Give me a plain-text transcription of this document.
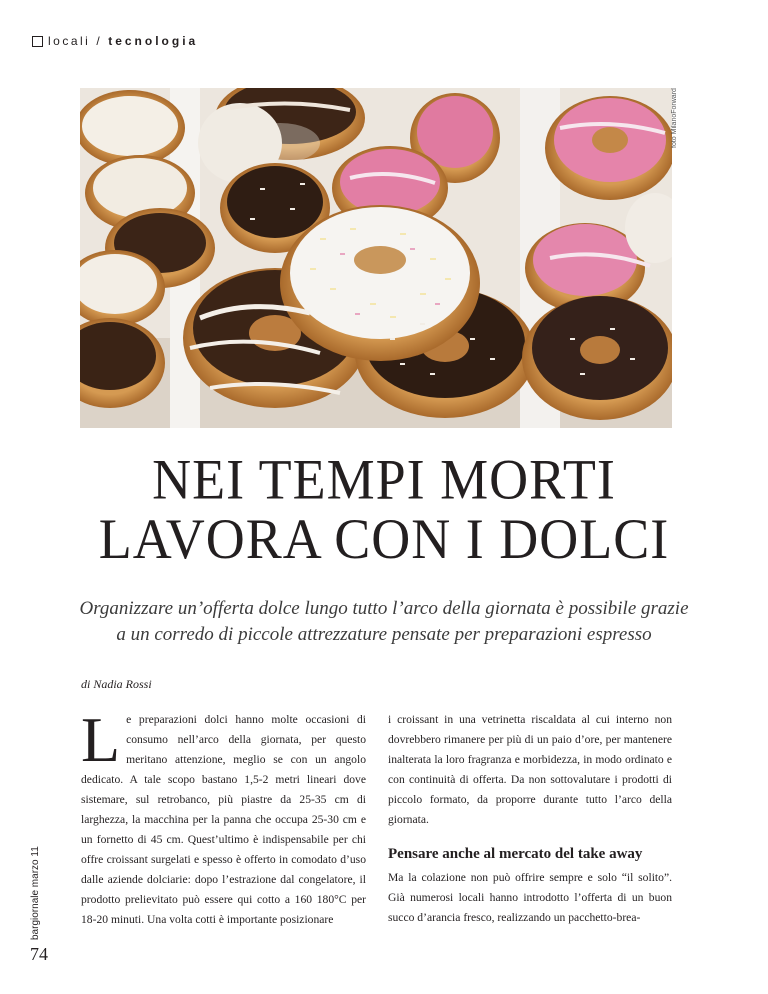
locali / tecnologia
foto MilanoForward
NEI TEMPI MORTI
LAVORA CON I DOLCI
Organizzare un’offerta dolce lungo tutto l’arco della giornata è possibile grazie
a un corredo di piccole attrezzature pensate per preparazioni espresso
di Nadia Rossi
L e preparazioni dolci hanno molte occasioni di consumo nell’arco della giornata, per questo meritano attenzione, meglio se con un angolo dedicato. A tale scopo bastano 1,5-2 metri lineari dove sistemare, sul retrobanco, più piastre da 25-35 cm di larghezza, la macchina per la panna che occupa 25-30 cm e un fornetto di 45 cm. Quest’ultimo è indispensabile per chi offre croissant surgelati e spesso è offerto in comodato d’uso dalle aziende dolciarie: dopo l’estrazione dal congelatore, il prodotto prelievitato può essere qui cotto a 160 180°C per 18-20 minuti. Una volta cotti è importante posizionare

i croissant in una vetrinetta riscaldata al cui interno non dovrebbero rimanere per più di un paio d’ore, per mantenere inalterata la loro fragranza e morbidezza, in modo ordinato e con continuità di offerta. Da non sottovalutare i prodotti di piccolo formato, da proporre durante tutto l’arco della giornata.

Pensare anche al mercato del take away

Ma la colazione non può offrire sempre e solo “il solito”. Già numerosi locali hanno introdotto l’offerta di un buon succo d’arancia fresco, realizzando un pacchetto-brea-

bargiornale marzo 11
74
